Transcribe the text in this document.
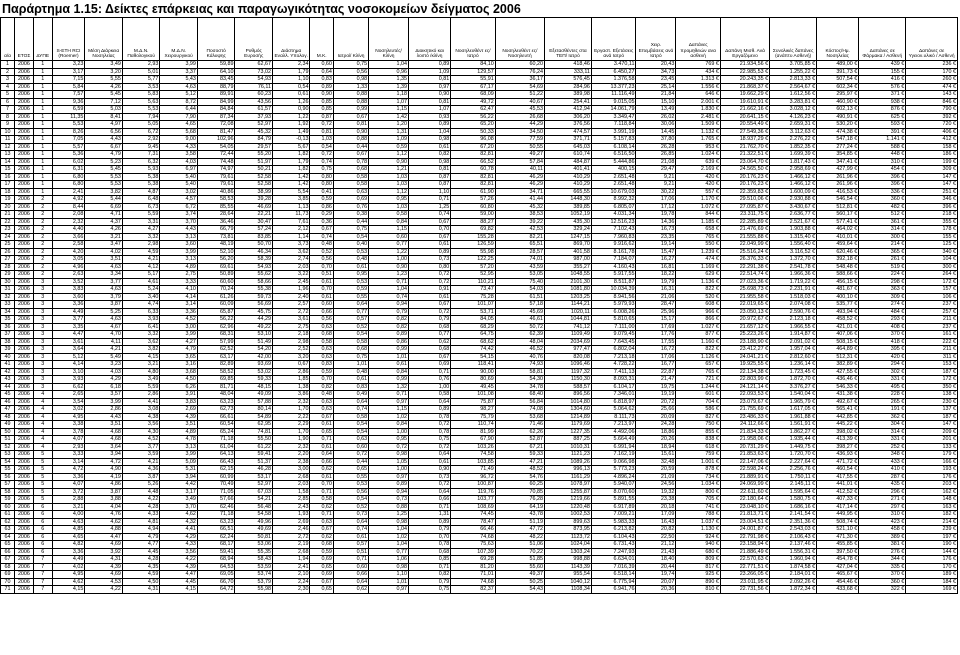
Παράρτημα 1.15: Δείκτες επάρκειας και παραγωγικότητας νοσοκομείων δείγματος 2006
α/α	ΕΤΟΣ	ΔΥΠΕ	S-ETH RCI (Roemer)	Μέση Διάρκεια Νοσηλείας	Μ.Δ.Ν. Παθολογικού	Μ.Δ.Ν. Χειρουργικού	Ποσοστό Κάλυψης	Ρυθμός Ευροσής	Διάστημα Εναλλ. Υπολογ.	Μ.Κ.	Ιατροί/ Κλίνη	Νοσηλευτές/ Κλίνη	Διοικητικό και λοιπό /κλίνη	Νοσηλευθέντ ες/ Ιατρό	Νοσηλευθέντ ες/ Νοσηλευτή	Εξετασθέντες στα ΤΕΠ/ Ιατρό	Εργαστ. Εξετάσεις ανά Ιατρό	Χειρ. Επεμβάσεις ανά Ιατρό	Δαπάνες προμηθειών ανα ασθενή	Δαπάνη Μισθ. Ανά Εργαζόμενο	Συνολικές δαπάνες (ανάπτυ Ασθενή)	Κόστος/Ημ. Νοσηλείας	Δαπάνες σε Φάρμακα / Ασθενή	Δαπάνες σε Υγειον.υλικό / Ασθενή
1	2006	1	3,23	3,49	2,93	3,99	59,89	62,67	2,34	0,60	0,75	1,04	0,89	84,10	60,20	418,46	3.470,11	20,43	769 €	21.934,56 €	3.705,85 €	489,00 €	439 €	236 €
2	2006	1	3,17	3,20	5,01	3,37	64,10	73,02	1,79	0,64	0,56	0,96	1,09	129,57	76,24	333,11	6.450,27	34,73	434 €	22.985,53 €	1.255,22 €	391,73 €	155 €	170 €
3	2006	1	7,15	5,55	5,77	5,43	83,45	54,93	1,10	0,83	0,98	1,35	0,81	55,91	36,17	576,45	1.376,58	23,45	1.313 €	20.243,35 €	2.813,33 €	507,54 €	416 €	260 €
4	2006	1	5,84	4,26	3,53	4,63	88,79	76,11	0,54	0,89	1,33	1,39	0,97	67,17	54,69	284,96	13.377,23	25,14	1.556 €	21.868,37 €	2.564,67 €	602,34 €	576 €	474 €
5	2006	1	7,57	5,45	5,83	5,12	89,91	60,23	0,61	0,90	0,88	1,18	0,90	68,09	51,22	389,98	11.116,49	21,84	646 €	19.662,29 €	1.612,56 €	295,97 €	371 €	143 €
6	2006	1	9,36	7,12	5,63	8,72	84,99	43,56	1,26	0,85	0,88	1,07	0,81	49,72	40,67	254,41	9.015,05	15,10	2.001 €	19.610,91 €	3.283,81 €	460,90 €	938 €	846 €
7	2006	1	6,59	5,03	5,53	6,44	84,84	61,57	0,90	0,85	0,99	1,15	1,07	62,47	45,53	412,94	14.061,79	13,49	1.830 €	21.662,16 €	3.028,12 €	602,13 €	876 €	790 €
8	2006	1	11,35	8,41	7,94	7,90	87,34	37,93	1,22	0,87	0,67	1,42	0,93	56,22	26,68	306,20	3.349,47	26,02	2.481 €	20.641,15 €	4.126,23 €	490,91 €	625 €	392 €
9	2006	1	5,53	4,97	5,05	4,65	72,08	52,97	1,92	0,72	0,81	1,20	0,89	65,20	44,29	376,56	7.118,84	30,06	1.509 €	20.554,49 €	2.659,31 €	530,20 €	593 €	720 €
10	2006	1	8,26	6,56	6,72	5,68	81,47	45,32	1,49	0,81	0,90	1,31	1,04	50,33	34,50	474,57	3.991,19	14,45	1.132 €	27.549,36 €	3.112,63 €	474,38 €	391 €	406 €
11	2006	1	7,05	4,43	2,92	9,00	102,96	84,79	-0,13	1,03	0,88	1,09	0,98	96,08	77,59	371,71	5.157,83	37,80	1.765 €	18.937,29 €	2.276,22 €	547,18 €	1.141 €	412 €
12	2006	1	5,57	6,67	9,45	4,33	54,05	29,57	5,67	0,54	0,44	0,59	0,61	67,20	50,55	645,03	6.108,14	26,28	953 €	21.762,70 €	1.852,35 €	277,24 €	588 €	158 €
13	2006	1	5,36	4,79	7,31	3,58	72,44	55,20	1,82	0,72	0,67	1,12	0,82	82,81	49,27	610,74	6.516,50	26,85	1.024 €	21.322,51 €	1.699,39 €	354,85 €	448 €	186 €
14	2006	1	6,02	5,23	6,32	4,03	74,48	51,97	1,79	0,74	0,78	0,90	0,98	66,52	57,84	484,87	5.444,86	21,08	639 €	23.064,70 €	1.817,43 €	347,41 €	310 €	199 €
15	2006	1	6,31	5,45	5,93	6,97	74,97	50,21	1,82	0,75	0,68	1,21	0,81	60,78	40,11	401,41	400,15	29,47	2.169 €	24.565,50 €	2.958,69 €	427,99 €	454 €	309 €
16	2006	1	6,80	5,53	5,38	5,40	79,61	52,58	1,42	0,80	0,58	1,03	0,87	82,81	46,29	410,29	2.651,48	9,21	420 €	20.176,23 €	1.466,12 €	261,96 €	396 €	147 €
17	2006	1	6,80	5,53	5,38	5,40	79,61	52,58	1,42	0,80	0,58	1,03	0,87	82,81	46,29	410,29	2.651,48	9,21	420 €	20.176,23 €	1.466,12 €	261,96 €	396 €	147 €
18	2006	1	2,41	3,82	4,87	3,02	40,86	38,99	5,54	0,41	0,63	1,12	1,10	61,90	34,71	665,55	10.679,03	30,22	557 €	22.359,83 €	1.600,09 €	416,53 €	336 €	251 €
19	2006	2	4,92	5,44	6,48	4,57	58,53	39,28	3,85	0,59	0,69	0,95	0,71	57,26	41,44	1448,30	8.992,32	17,06	1.170 €	29.510,06 €	2.930,88 €	546,54 €	360 €	346 €
20	2006	2	8,44	6,69	6,73	6,72	85,55	46,69	1,13	0,86	0,76	1,03	1,25	60,80	45,32	389,85	6.805,07	17,12	1.072 €	27.095,87 €	3.430,67 €	512,81 €	482 €	396 €
21	2006	2	2,08	4,71	5,59	3,74	28,64	22,21	11,73	0,29	0,38	0,58	0,74	59,00	38,53	1052,19	4.031,34	19,78	844 €	23.311,75 €	2.636,77 €	560,17 €	512 €	218 €
22	2006	2	2,32	4,37	3,31	3,70	36,46	30,47	7,61	0,36	0,44	0,84	0,67	88,27	39,22	435,30	12.516,23	14,36	1.185 €	22.285,89 €	2.521,67 €	577,41 €	361 €	355 €
23	2006	2	4,40	4,26	4,27	4,43	66,79	57,24	2,12	0,67	0,75	1,15	0,70	69,82	42,53	329,24	7.102,43	16,73	658 €	21.476,69 €	1.903,88 €	464,02 €	314 €	178 €
24	2006	2	3,66	3,21	3,32	3,13	73,81	83,85	1,14	0,74	0,54	0,60	0,67	155,28	82,21	1247,15	7.960,83	23,35	765 €	21.555,88 €	1.315,40 €	410,01 €	300 €	155 €
25	2006	2	2,58	3,47	2,98	3,60	48,19	50,70	3,73	0,48	0,40	0,77	0,61	126,59	65,51	869,70	9.916,62	19,14	550 €	22.049,99 €	1.556,40 €	459,64 €	214 €	125 €
26	2006	2	4,20	4,02	4,59	3,99	52,10	46,34	3,62	0,52	0,53	1,22	0,89	55,98	28,57	401,58	8.161,78	15,47	1.239 €	25.516,24 €	3.116,52 €	620,46 €	365 €	340 €
27	2006	2	3,05	3,51	4,21	3,13	56,20	58,39	2,74	0,56	0,48	1,00	0,73	122,25	74,01	987,00	7.184,07	16,27	474 €	26.376,33 €	1.372,70 €	392,18 €	261 €	104 €
28	2006	2	4,96	4,63	4,12	4,89	69,61	54,93	2,03	0,70	0,61	0,90	0,80	57,20	43,59	355,27	4.160,43	16,81	1.169 €	22.291,38 €	2.541,78 €	548,48 €	519 €	300 €
29	2006	2	2,63	3,34	5,17	2,75	50,89	55,62	3,22	0,51	0,95	1,23	0,72	52,95	53,05	1048,55	5.917,55	18,22	629 €	22.514,74 €	1.966,36 €	588,66 €	224 €	264 €
30	2006	3	3,52	3,77	4,61	3,33	60,60	58,66	2,45	0,61	0,53	0,71	0,72	110,21	75,40	2101,30	8.511,87	19,79	1.136 €	27.023,36 €	1.719,22 €	456,15 €	298 €	172 €
31	2006	3	3,83	4,63	5,24	4,10	70,24	55,38	1,96	0,70	0,59	1,04	0,91	73,47	54,03	1081,80	10.034,39	16,31	822 €	25.698,73 €	2.231,91 €	481,67 €	363 €	157 €
32	2006	3	3,60	3,79	3,40	4,14	61,26	59,73	2,40	0,61	0,55	0,74	0,61	75,28	61,51	1203,25	8.941,56	21,06	520 €	21.955,58 €	1.518,03 €	400,10 €	309 €	106 €
33	2006	3	3,36	3,87	4,74	3,14	60,09	56,69	2,57	0,60	0,64	0,94	0,67	101,07	57,18	1144,21	5.979,93	28,47	608 €	22.019,65 €	2.074,08 €	535,77 €	274 €	237 €
34	2006	3	4,49	5,25	6,33	3,36	65,87	45,75	2,72	0,66	0,77	0,79	0,72	53,71	45,69	1020,11	6.008,26	25,96	966 €	23.050,13 €	2.590,76 €	493,94 €	484 €	257 €
35	2006	3	3,77	4,63	3,93	4,52	56,22	44,29	3,61	0,56	0,57	0,82	0,79	84,05	46,61	1044,81	5.810,65	15,17	866 €	20.972,67 €	2.123,18 €	458,52 €	293 €	211 €
36	2006	3	3,35	4,67	6,41	3,00	62,96	49,22	2,75	0,63	0,52	0,82	0,68	68,29	50,72	741,12	7.111,00	17,69	1.027 €	21.657,12 €	1.966,55 €	421,01 €	408 €	237 €
37	2006	3	4,47	4,70	3,32	3,99	68,31	53,10	2,18	0,68	0,54	0,89	0,77	64,75	62,39	1109,49	9.079,45	17,76	877 €	25.223,26 €	1.914,87 €	407,06 €	370 €	161 €
38	2006	3	3,61	4,11	3,62	4,27	57,99	51,49	2,98	0,58	0,58	0,86	0,62	68,62	48,04	2034,69	7.643,45	17,55	1.160 €	23.188,90 €	2.091,02 €	508,15 €	418 €	222 €
39	2006	3	3,64	4,21	3,82	4,79	62,52	54,20	2,52	0,63	0,68	0,99	0,68	74,42	46,52	977,47	6.802,04	16,72	822 €	23.412,27 €	1.957,04 €	464,89 €	395 €	211 €
40	2006	3	5,12	5,49	4,15	3,65	63,17	42,00	3,20	0,63	0,75	1,01	0,67	54,15	40,76	820,08	7.213,18	17,06	1.126 €	24.041,21 €	2.812,60 €	512,31 €	420 €	311 €
41	2006	3	4,14	3,23	3,21	3,16	82,89	93,69	0,67	0,83	1,01	0,61	0,69	118,41	74,93	1096,46	4.728,22	16,77	657 €	19.925,55 €	1.236,14 €	382,89 €	294 €	153 €
42	2006	3	3,10	4,03	4,80	3,68	58,52	53,02	2,86	0,59	0,48	0,84	0,71	90,00	58,81	1197,32	7.411,13	22,87	765 €	22.134,38 €	1.723,45 €	427,55 €	302 €	187 €
43	2006	3	3,93	4,29	3,49	4,50	69,85	59,33	1,85	0,70	0,61	0,99	0,76	80,69	54,30	1150,30	8.093,31	21,47	721 €	22.803,99 €	1.872,70 €	436,46 €	331 €	172 €
44	2006	3	6,62	6,18	5,59	6,26	81,71	48,15	1,38	0,82	0,83	1,32	1,00	49,45	34,78	588,57	6.104,17	19,75	1.244 €	24.121,14 €	3.376,27 €	546,33 €	495 €	350 €
45	2006	4	2,65	3,57	2,86	3,91	48,04	49,09	3,86	0,48	0,49	0,71	0,58	101,08	68,40	896,56	7.346,01	19,19	601 €	22.093,53 €	1.540,04 €	431,38 €	228 €	138 €
46	2006	4	3,54	3,99	4,41	3,83	63,23	57,88	2,32	0,63	0,64	0,97	0,64	75,87	56,84	1014,80	6.818,97	20,72	704 €	23.079,67 €	1.965,79 €	492,67 €	265 €	230 €
47	2006	4	3,02	2,86	3,08	2,69	62,73	80,14	1,70	0,63	0,74	1,15	0,89	98,27	74,08	1304,60	5.064,62	25,66	586 €	21.755,69 €	1.617,05 €	565,41 €	191 €	137 €
48	2006	4	4,95	4,43	4,38	4,39	66,61	54,89	2,22	0,67	0,58	1,02	0,78	75,79	53,68	1214,89	8.111,73	20,09	827 €	23.486,33 €	1.961,88 €	442,85 €	362 €	187 €
49	2006	4	3,38	3,51	3,56	3,51	60,54	62,95	2,29	0,61	0,54	0,84	0,72	110,74	71,46	1179,69	7.213,97	24,28	750 €	24.112,66 €	1.561,91 €	445,22 €	304 €	147 €
50	2006	4	3,78	4,68	4,30	4,89	65,24	74,81	1,70	0,65	0,54	1,00	0,78	81,99	62,26	1227,35	4.492,06	18,86	855 €	21.834,33 €	1.862,27 €	398,02 €	314 €	209 €
51	2006	4	4,07	4,68	4,52	4,78	71,18	55,50	1,90	0,71	0,63	0,95	0,75	67,90	52,87	887,25	5.664,49	20,26	838 €	21.958,06 €	1.935,44 €	413,39 €	331 €	201 €
52	2006	4	2,93	3,64	3,77	3,13	61,04	61,22	2,32	0,61	0,60	0,72	0,72	103,26	67,21	1010,31	6.991,94	18,94	618 €	20.731,29 €	1.449,75 €	398,27 €	252 €	133 €
53	2006	5	3,33	3,94	3,59	3,99	64,13	59,41	2,20	0,64	0,72	0,98	0,64	74,58	59,33	1121,23	7.162,19	15,61	759 €	21.853,63 €	1.720,70 €	436,93 €	348 €	179 €
54	2006	5	3,14	4,72	4,21	5,09	66,43	51,37	2,38	0,66	0,44	1,05	0,61	103,85	47,21	1089,26	9.066,98	32,48	1.001 €	22.147,06 €	2.227,64 €	471,72 €	433 €	166 €
55	2006	5	4,72	4,90	4,36	5,31	62,15	46,28	3,00	0,62	0,65	1,00	0,90	71,49	48,52	996,13	5.773,23	20,59	878 €	22.598,24 €	2.256,76 €	460,54 €	410 €	193 €
56	2006	5	3,36	4,19	3,87	3,94	60,99	53,17	2,68	0,61	0,55	0,97	0,73	96,72	54,76	1161,29	4.896,24	21,09	734 €	21.889,91 €	1.750,11 €	417,55 €	287 €	176 €
57	2006	5	4,07	4,86	5,26	4,42	70,49	52,97	2,03	0,70	0,53	0,89	0,72	100,87	60,25	1078,97	5.940,07	24,56	1.034 €	24.069,99 €	2.145,11 €	441,01 €	435 €	203 €
58	2006	5	3,72	3,87	4,48	3,17	71,05	67,03	1,58	0,71	0,56	0,94	0,64	119,76	70,85	1255,87	8.070,60	19,32	800 €	22.611,60 €	1.595,64 €	412,52 €	296 €	162 €
59	2006	5	2,88	3,88	4,22	3,49	57,66	54,21	2,85	0,58	0,54	0,73	0,66	103,77	76,28	1219,66	5.891,55	23,38	705 €	22.180,64 €	1.580,75 €	407,33 €	271 €	148 €
60	2006	6	3,21	4,04	4,28	3,70	62,46	56,48	2,43	0,62	0,52	0,88	0,71	108,69	64,19	1220,48	6.917,89	20,18	741 €	23.048,10 €	1.686,16 €	417,14 €	297 €	163 €
61	2006	6	4,00	4,76	4,33	4,62	71,18	54,58	1,93	0,71	0,73	1,25	1,31	74,45	43,78	1002,53	7.009,21	17,09	788 €	21.813,71 €	2.141,54 €	449,95 €	310 €	182 €
62	2006	6	4,63	4,62	4,81	4,32	63,23	49,96	2,69	0,63	0,64	0,98	0,89	78,47	51,19	899,63	5.983,33	16,43	1.037 €	23.004,51 €	2.351,36 €	508,74 €	423 €	214 €
63	2006	6	4,85	4,88	4,94	4,41	66,51	49,69	2,46	0,67	0,74	1,04	0,79	66,46	47,72	873,95	6.213,82	20,82	1.130 €	24.001,87 €	2.543,03 €	521,10 €	458 €	239 €
64	2006	6	4,65	4,47	4,79	4,29	62,24	50,81	2,72	0,62	0,61	1,02	0,70	74,68	48,22	1123,72	6.104,43	22,50	924 €	22.791,98 €	2.106,43 €	471,30 €	389 €	197 €
65	2006	6	4,82	4,69	4,77	4,33	68,17	53,06	2,19	0,68	0,57	1,04	0,78	75,63	51,06	1024,04	6.731,43	21,12	940 €	23.158,94 €	2.137,46 €	455,85 €	381 €	190 €
66	2006	6	3,36	3,92	4,45	3,56	59,41	55,35	2,68	0,59	0,51	0,77	0,68	107,39	70,22	1303,24	7.247,93	21,43	680 €	21.886,49 €	1.556,31 €	397,50 €	276 €	144 €
67	2006	7	4,49	4,31	4,28	4,22	68,94	58,43	1,94	0,69	0,71	1,06	0,85	69,28	51,85	998,88	6.634,01	18,40	809 €	22.570,63 €	1.960,94 €	454,78 €	344 €	176 €
68	2006	7	4,02	4,39	4,35	4,39	64,53	53,59	2,41	0,65	0,60	0,98	0,71	81,20	55,60	1143,39	7.016,39	20,44	817 €	22.771,51 €	1.874,58 €	427,04 €	335 €	170 €
69	2006	7	4,95	4,69	4,59	4,47	69,05	53,74	2,10	0,69	0,66	1,10	0,82	71,01	49,37	955,54	6.518,14	19,74	925 €	23.266,05 €	2.184,01 €	465,67 €	370 €	189 €
70	2006	7	4,62	4,53	4,50	4,45	66,70	53,79	2,24	0,67	0,64	1,01	0,79	74,68	50,25	1040,12	6.775,94	20,07	890 €	23.011,95 €	2.092,26 €	454,46 €	360 €	184 €
71	2006	7	4,15	4,22	4,31	4,15	64,72	55,98	2,30	0,65	0,62	0,97	0,75	82,37	54,43	1108,34	6.941,76	20,36	810 €	22.731,56 €	1.872,34 €	433,68 €	322 €	169 €
